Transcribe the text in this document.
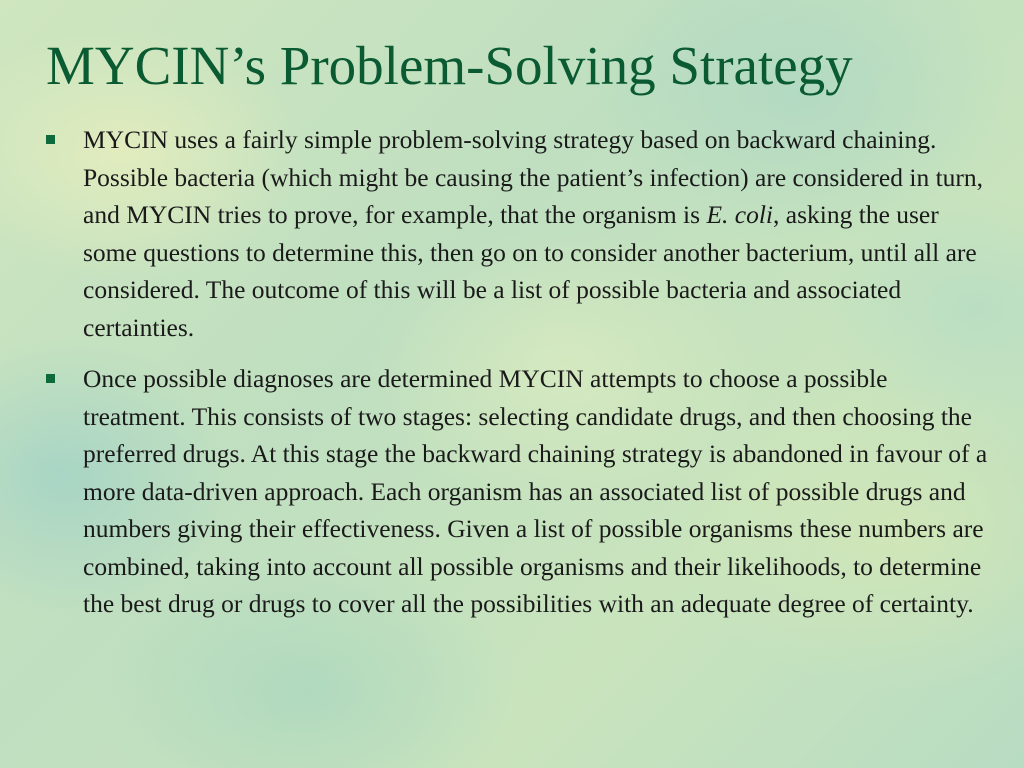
MYCIN’s Problem-Solving Strategy
MYCIN uses a fairly simple problem-solving strategy based on backward chaining. Possible bacteria (which might be causing the patient’s infection) are considered in turn, and MYCIN tries to prove, for example, that the organism is E. coli, asking the user some questions to determine this, then go on to consider another bacterium, until all are considered. The outcome of this will be a list of possible bacteria and associated certainties.
Once possible diagnoses are determined MYCIN attempts to choose a possible treatment. This consists of two stages: selecting candidate drugs, and then choosing the preferred drugs. At this stage the backward chaining strategy is abandoned in favour of a more data-driven approach. Each organism has an associated list of possible drugs and numbers giving their effectiveness. Given a list of possible organisms these numbers are combined, taking into account all possible organisms and their likelihoods, to determine the best drug or drugs to cover all the possibilities with an adequate degree of certainty.
